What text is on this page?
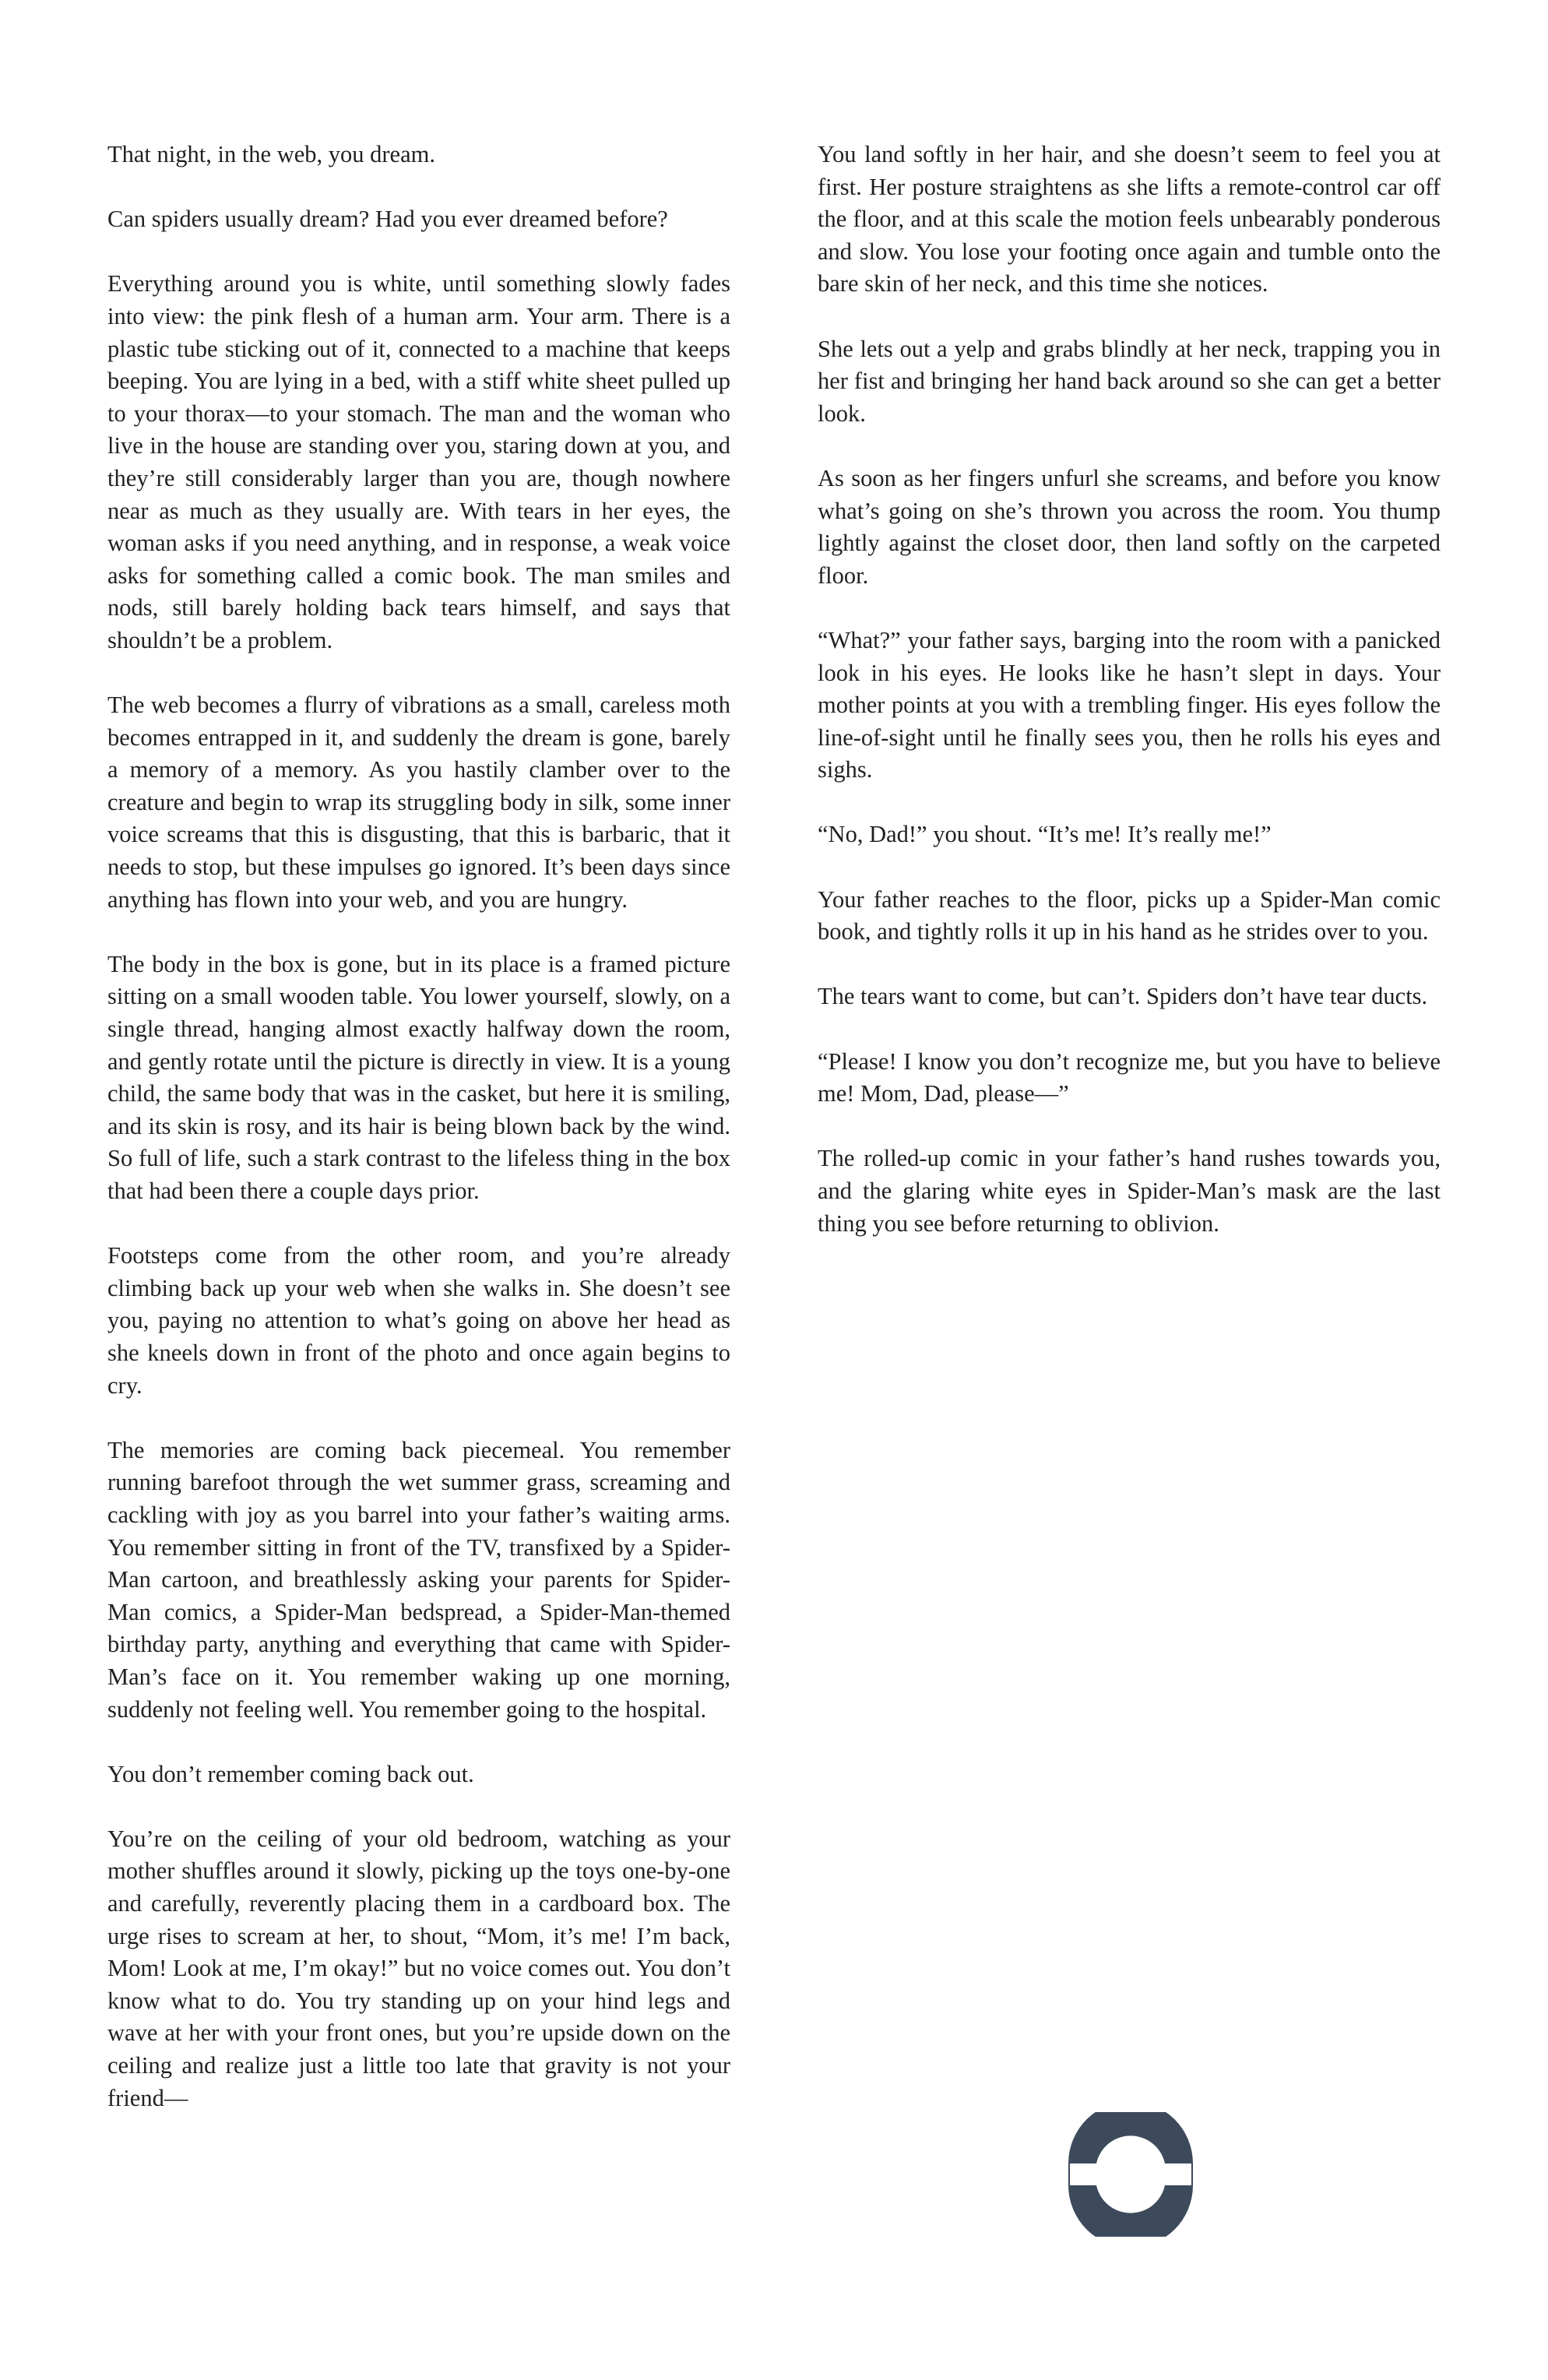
That night, in the web, you dream.

Can spiders usually dream? Had you ever dreamed before?

Everything around you is white, until something slowly fades into view: the pink flesh of a human arm. Your arm. There is a plastic tube sticking out of it, connected to a machine that keeps beeping. You are lying in a bed, with a stiff white sheet pulled up to your thorax—to your stomach. The man and the woman who live in the house are standing over you, staring down at you, and they’re still considerably larger than you are, though nowhere near as much as they usually are. With tears in her eyes, the woman asks if you need anything, and in response, a weak voice asks for something called a comic book. The man smiles and nods, still barely holding back tears himself, and says that shouldn’t be a problem.

The web becomes a flurry of vibrations as a small, careless moth becomes entrapped in it, and suddenly the dream is gone, barely a memory of a memory. As you hastily clamber over to the creature and begin to wrap its struggling body in silk, some inner voice screams that this is disgusting, that this is barbaric, that it needs to stop, but these impulses go ignored. It’s been days since anything has flown into your web, and you are hungry.

The body in the box is gone, but in its place is a framed picture sitting on a small wooden table. You lower yourself, slowly, on a single thread, hanging almost exactly halfway down the room, and gently rotate until the picture is directly in view. It is a young child, the same body that was in the casket, but here it is smiling, and its skin is rosy, and its hair is being blown back by the wind. So full of life, such a stark contrast to the lifeless thing in the box that had been there a couple days prior.

Footsteps come from the other room, and you’re already climbing back up your web when she walks in. She doesn’t see you, paying no attention to what’s going on above her head as she kneels down in front of the photo and once again begins to cry.

The memories are coming back piecemeal. You remember running barefoot through the wet summer grass, screaming and cackling with joy as you barrel into your father’s waiting arms. You remember sitting in front of the TV, transfixed by a Spider-Man cartoon, and breathlessly asking your parents for Spider-Man comics, a Spider-Man bedspread, a Spider-Man-themed birthday party, anything and everything that came with Spider-Man’s face on it. You remember waking up one morning, suddenly not feeling well. You remember going to the hospital.

You don’t remember coming back out.

You’re on the ceiling of your old bedroom, watching as your mother shuffles around it slowly, picking up the toys one-by-one and carefully, reverently placing them in a cardboard box. The urge rises to scream at her, to shout, “Mom, it’s me! I’m back, Mom! Look at me, I’m okay!” but no voice comes out. You don’t know what to do. You try standing up on your hind legs and wave at her with your front ones, but you’re upside down on the ceiling and realize just a little too late that gravity is not your friend—

You land softly in her hair, and she doesn’t seem to feel you at first. Her posture straightens as she lifts a remote-control car off the floor, and at this scale the motion feels unbearably ponderous and slow. You lose your footing once again and tumble onto the bare skin of her neck, and this time she notices.

She lets out a yelp and grabs blindly at her neck, trapping you in her fist and bringing her hand back around so she can get a better look.

As soon as her fingers unfurl she screams, and before you know what’s going on she’s thrown you across the room. You thump lightly against the closet door, then land softly on the carpeted floor.

“What?” your father says, barging into the room with a panicked look in his eyes. He looks like he hasn’t slept in days. Your mother points at you with a trembling finger. His eyes follow the line-of-sight until he finally sees you, then he rolls his eyes and sighs.

“No, Dad!” you shout. “It’s me! It’s really me!”

Your father reaches to the floor, picks up a Spider-Man comic book, and tightly rolls it up in his hand as he strides over to you.

The tears want to come, but can’t. Spiders don’t have tear ducts.

“Please! I know you don’t recognize me, but you have to believe me! Mom, Dad, please—”

The rolled-up comic in your father’s hand rushes towards you, and the glaring white eyes in Spider-Man’s mask are the last thing you see before returning to oblivion.
